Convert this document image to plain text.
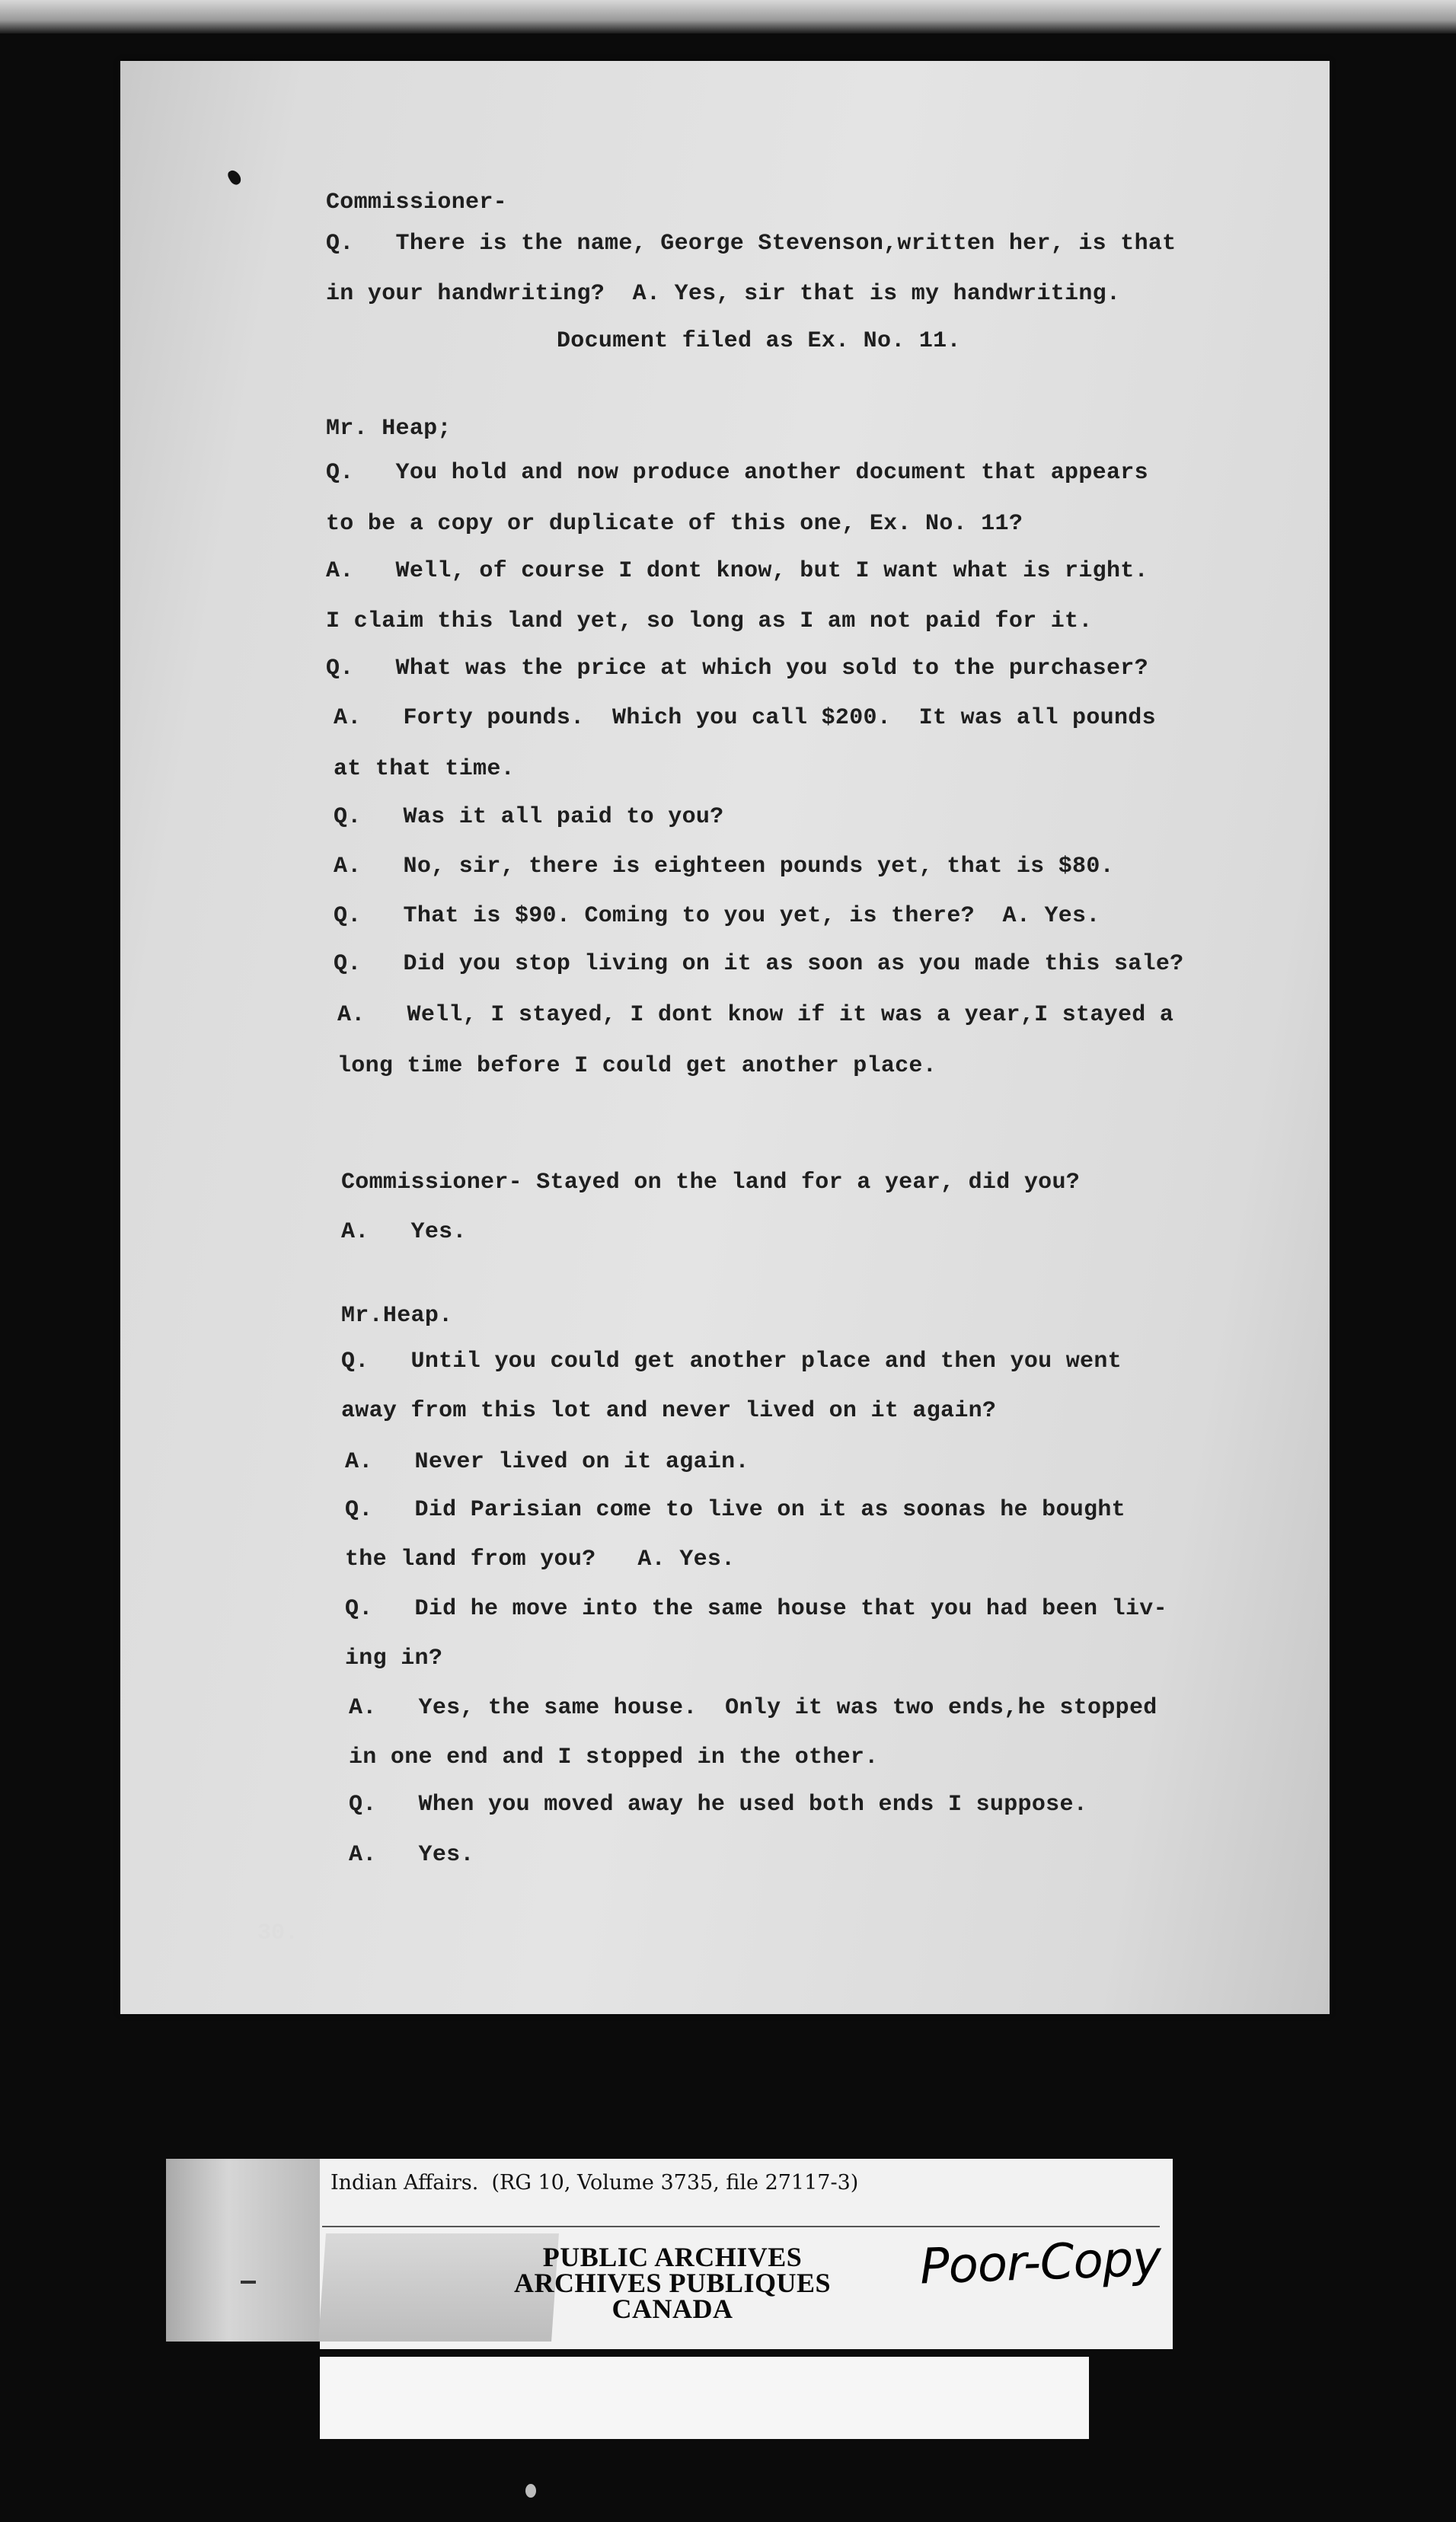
Commissioner-
Q.   There is the name, George Stevenson,written her, is that
in your handwriting?  A. Yes, sir that is my handwriting.
Document filed as Ex. No. 11.
Mr. Heap;
Q.   You hold and now produce another document that appears
to be a copy or duplicate of this one, Ex. No. 11?
A.   Well, of course I dont know, but I want what is right.
I claim this land yet, so long as I am not paid for it.
Q.   What was the price at which you sold to the purchaser?
A.   Forty pounds.  Which you call $200.  It was all pounds
at that time.
Q.   Was it all paid to you?
A.   No, sir, there is eighteen pounds yet, that is $80.
Q.   That is $90. Coming to you yet, is there?  A. Yes.
Q.   Did you stop living on it as soon as you made this sale?
A.   Well, I stayed, I dont know if it was a year,I stayed a
long time before I could get another place.
Commissioner- Stayed on the land for a year, did you?
A.   Yes.
Mr.Heap.
Q.   Until you could get another place and then you went
away from this lot and never lived on it again?
A.   Never lived on it again.
Q.   Did Parisian come to live on it as soonas he bought
the land from you?   A. Yes.
Q.   Did he move into the same house that you had been liv-
ing in?
A.   Yes, the same house.  Only it was two ends,he stopped
in one end and I stopped in the other.
Q.   When you moved away he used both ends I suppose.
A.   Yes.
30.
Indian Affairs.  (RG 10, Volume 3735, file 27117-3)
PUBLIC ARCHIVES
ARCHIVES PUBLIQUES
CANADA
Poor-Copy
